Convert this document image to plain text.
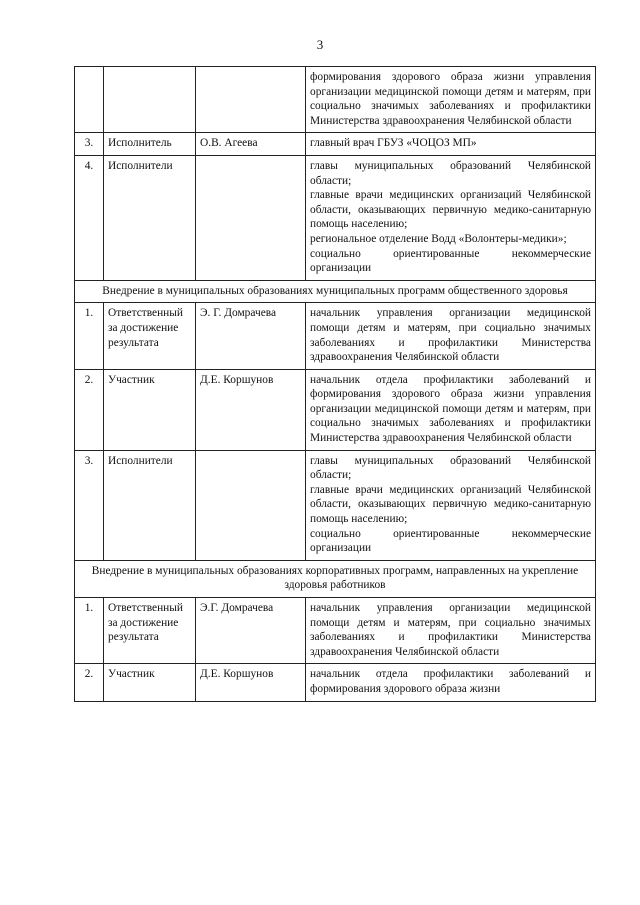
3

			формирования здорового образа жизни управления организации медицинской помощи детям и матерям, при социально значимых заболеваниях и профилактики Министерства здравоохранения Челябинской области

3.	Исполнитель	О.В. Агеева	главный врач ГБУЗ «ЧОЦОЗ МП»

4.	Исполнители		главы муниципальных образований Челябинской области;
главные врачи медицинских организаций Челябинской области, оказывающих первичную медико-санитарную помощь населению;
региональное отделение Водд «Волонтеры-медики»;
социально ориентированные некоммерческие организации

Внедрение в муниципальных образованиях муниципальных программ общественного здоровья			
1.	Ответственный за достижение результата	Э. Г. Домрачева	начальник управления организации медицинской помощи детям и матерям, при социально значимых заболеваниях и профилактики Министерства здравоохранения Челябинской области

2.	Участник	Д.Е. Коршунов	начальник отдела профилактики заболеваний и формирования здорового образа жизни управления организации медицинской помощи детям и матерям, при социально значимых заболеваниях и профилактики Министерства здравоохранения Челябинской области

3.	Исполнители		главы муниципальных образований Челябинской области;
главные врачи медицинских организаций Челябинской области, оказывающих первичную медико-санитарную помощь населению;
социально ориентированные некоммерческие организации

Внедрение в муниципальных образованиях корпоративных программ, направленных на укрепление здоровья работников			
1.	Ответственный за достижение результата	Э.Г. Домрачева	начальник управления организации медицинской помощи детям и матерям, при социально значимых заболеваниях и профилактики Министерства здравоохранения Челябинской области

2.	Участник	Д.Е. Коршунов	начальник отдела профилактики заболеваний и формирования здорового образа жизни
